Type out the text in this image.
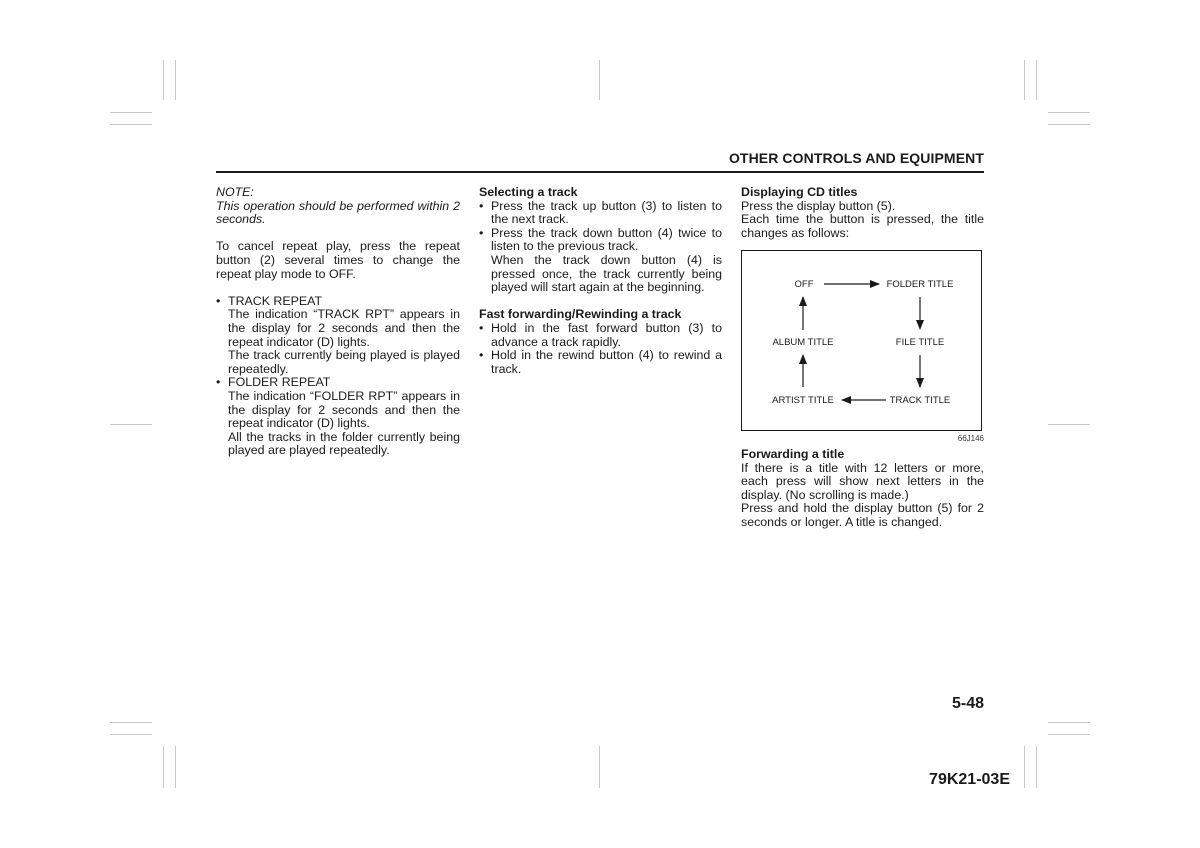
OTHER CONTROLS AND EQUIPMENT

NOTE:

This operation should be performed within 2 seconds.

To cancel repeat play, press the repeat button (2) several times to change the repeat play mode to OFF.

• TRACK REPEAT

The indication “TRACK RPT” appears in the display for 2 seconds and then the repeat indicator (D) lights.

The track currently being played is played repeatedly.

• FOLDER REPEAT

The indication “FOLDER RPT” appears in the display for 2 seconds and then the repeat indicator (D) lights.

All the tracks in the folder currently being played are played repeatedly.

Selecting a track

• Press the track up button (3) to listen to the next track.

• Press the track down button (4) twice to listen to the previous track.

When the track down button (4) is pressed once, the track currently being played will start again at the beginning.

Fast forwarding/Rewinding a track

• Hold in the fast forward button (3) to advance a track rapidly.

• Hold in the rewind button (4) to rewind a track.

Displaying CD titles

Press the display button (5).

Each time the button is pressed, the title changes as follows:

OFF	FOLDER TITLE
ALBUM TITLE	FILE TITLE
ARTIST TITLE	TRACK TITLE
66J146

Forwarding a title

If there is a title with 12 letters or more, each press will show next letters in the display. (No scrolling is made.)

Press and hold the display button (5) for 2 seconds or longer. A title is changed.

5-48
79K21-03E
